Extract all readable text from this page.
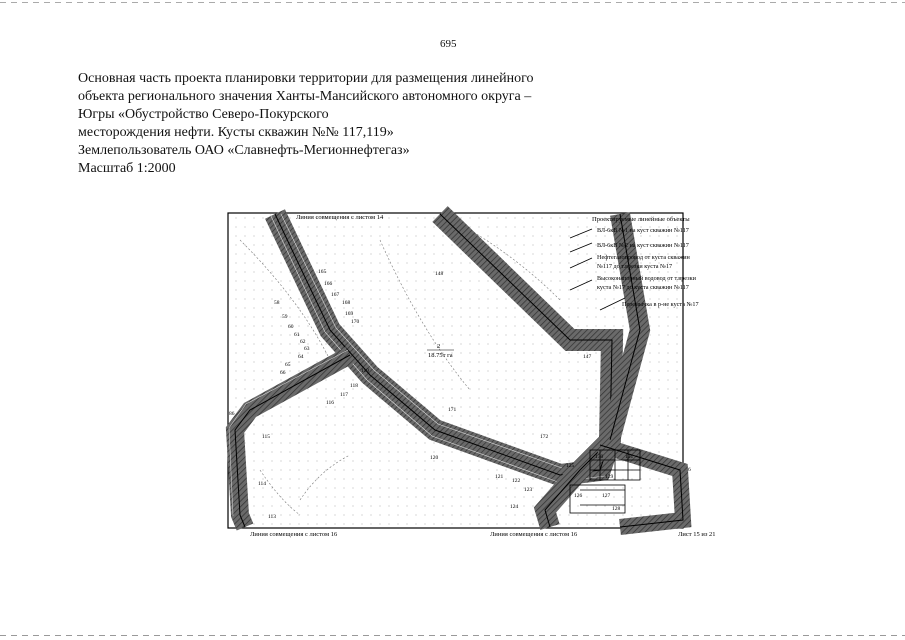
695
Основная часть проекта планировки территории для размещения линейного
объекта регионального значения Ханты-Мансийского автономного округа –
Югры «Обустройство Северо-Покурского
месторождения нефти. Кусты скважин №№ 117,119»
Землепользователь ОАО «Славнефть-Мегионнефтегаз»
Масштаб 1:2000
Линия совмещения с листом 14	Проектируемые линейные объекты
ВЛ-6кВ №1 на куст скважин №117
ВЛ-6кВ №2 на куст скважин №117
Нефтегазопровод от куста скважин
№117 до т.врезки куста №17
Высоконапорный водовод от т.врезки
куста №17 до куста скважин №117
Перемычка в р-не куста №17
2
18.75т га
165
166
167
168
169
170
58
59
60
61
62
63
64
65
66
116
117
118
119
115
114
113
148
147
171
172
120
121
122
123
124
125
126	127
128
129
130	131
6
86
Линия совмещения с листом 16	Линия совмещения с листом 16	Лист 15 из 21
